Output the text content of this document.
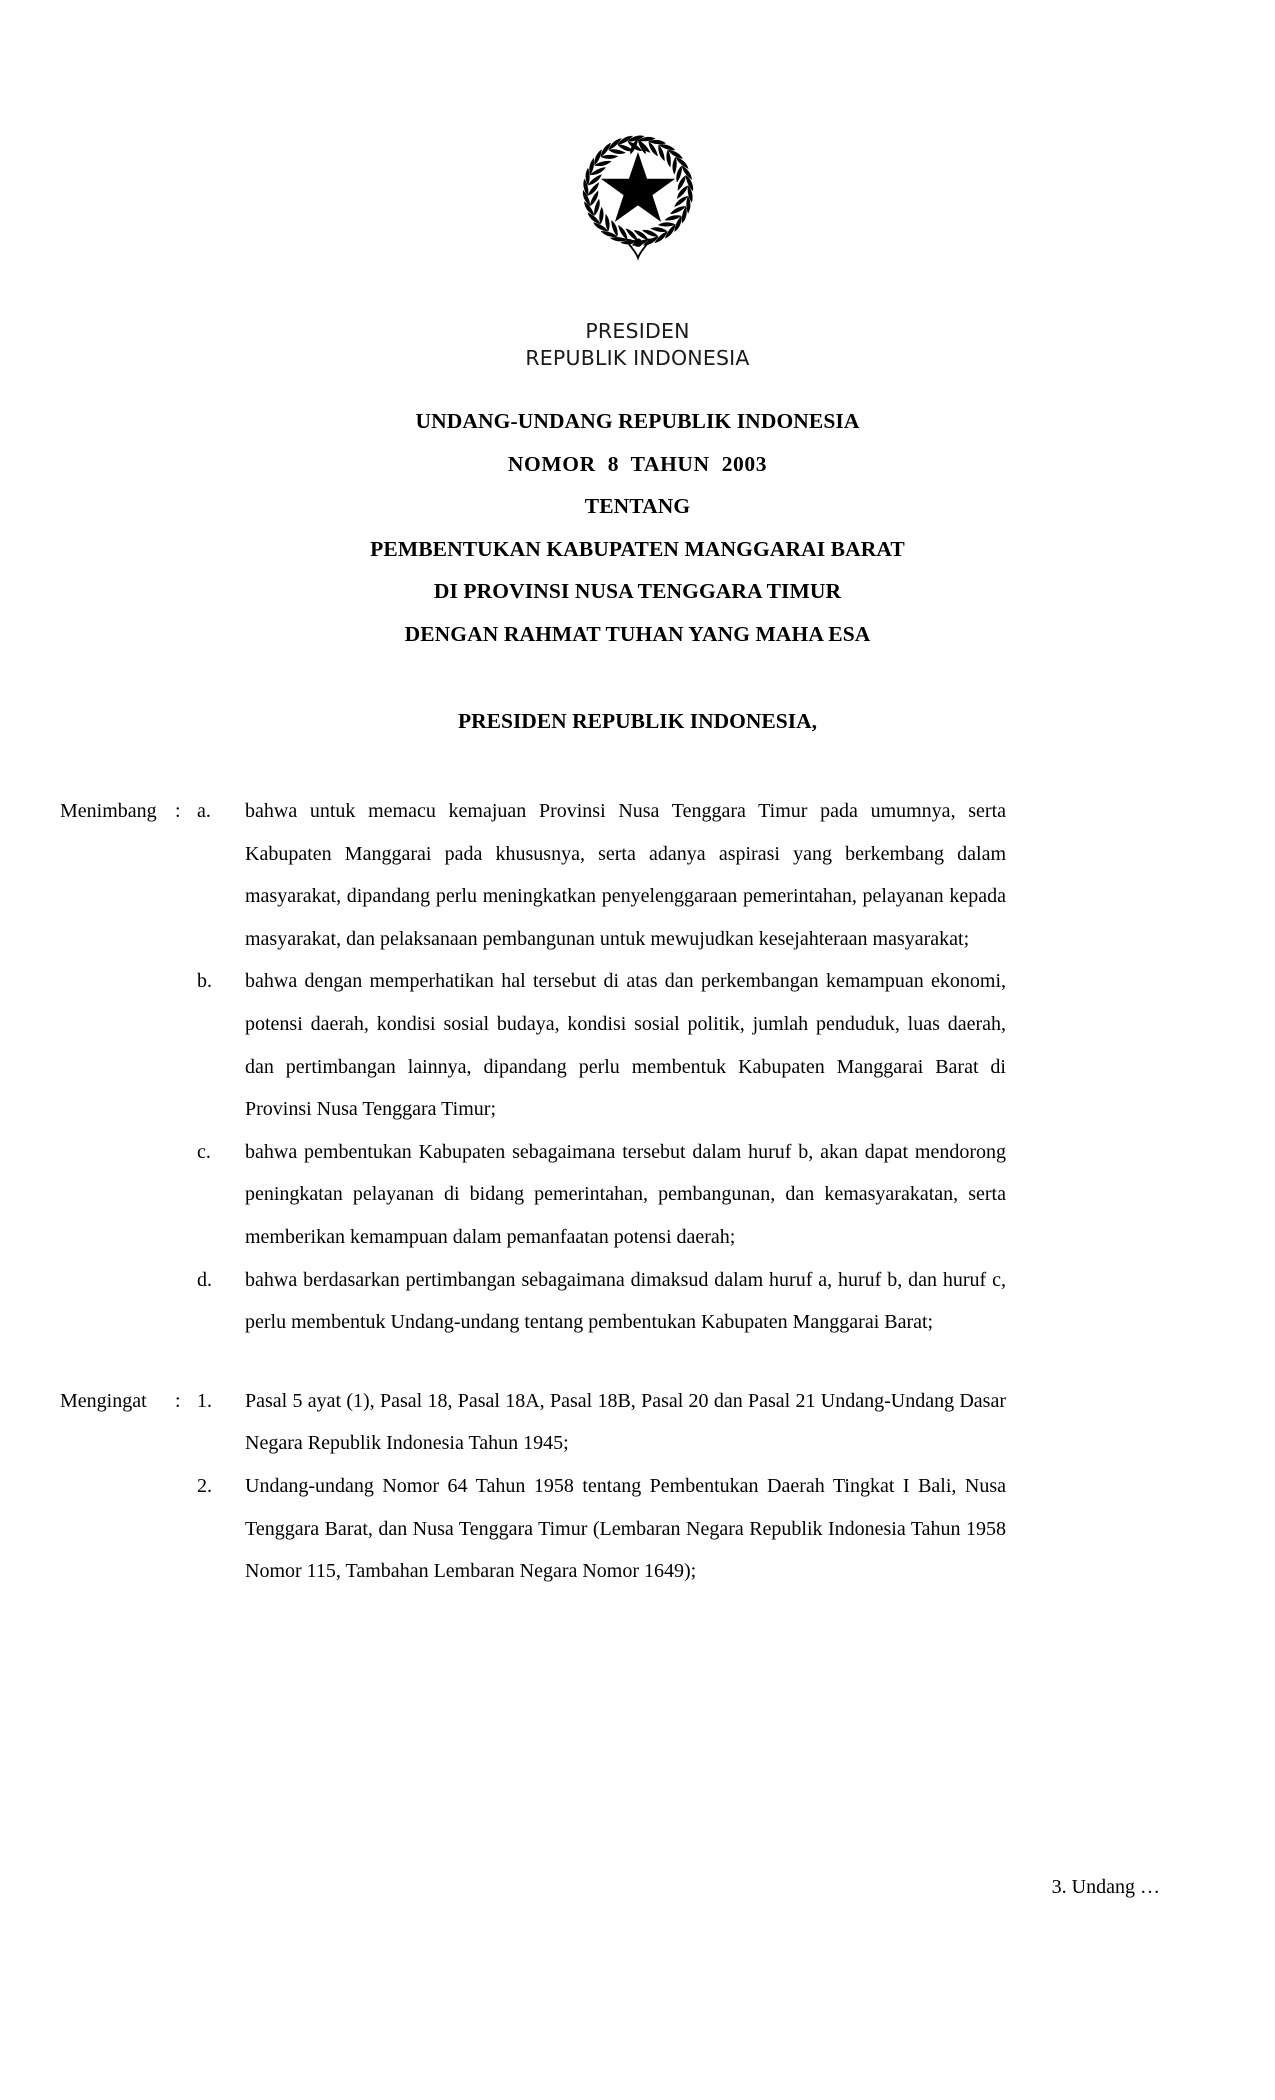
PRESIDEN
REPUBLIK INDONESIA
UNDANG-UNDANG REPUBLIK INDONESIA
NOMOR 8 TAHUN 2003
TENTANG
PEMBENTUKAN KABUPATEN MANGGARAI BARAT
DI PROVINSI NUSA TENGGARA TIMUR
DENGAN RAHMAT TUHAN YANG MAHA ESA
PRESIDEN REPUBLIK INDONESIA,
Menimbang : a.	bahwa untuk memacu kemajuan Provinsi Nusa Tenggara Timur pada umumnya, serta Kabupaten Manggarai pada khususnya, serta adanya aspirasi yang berkembang dalam masyarakat, dipandang perlu meningkatkan penyelenggaraan pemerintahan, pelayanan kepada masyarakat, dan pelaksanaan pembangunan untuk mewujudkan kesejahteraan masyarakat;
b.	bahwa dengan memperhatikan hal tersebut di atas dan perkembangan kemampuan ekonomi, potensi daerah, kondisi sosial budaya, kondisi sosial politik, jumlah penduduk, luas daerah, dan pertimbangan lainnya, dipandang perlu membentuk Kabupaten Manggarai Barat di Provinsi Nusa Tenggara Timur;
c.	bahwa pembentukan Kabupaten sebagaimana tersebut dalam huruf b, akan dapat mendorong peningkatan pelayanan di bidang pemerintahan, pembangunan, dan kemasyarakatan, serta memberikan kemampuan dalam pemanfaatan potensi daerah;
d.	bahwa berdasarkan pertimbangan sebagaimana dimaksud dalam huruf a, huruf b, dan huruf c, perlu membentuk Undang-undang tentang pembentukan Kabupaten Manggarai Barat;
Mengingat	: 1.	Pasal 5 ayat (1), Pasal 18, Pasal 18A, Pasal 18B, Pasal 20 dan Pasal 21 Undang-Undang Dasar Negara Republik Indonesia Tahun 1945;
2.	Undang-undang Nomor 64 Tahun 1958 tentang Pembentukan Daerah Tingkat I Bali, Nusa Tenggara Barat, dan Nusa Tenggara Timur (Lembaran Negara Republik Indonesia Tahun 1958 Nomor 115, Tambahan Lembaran Negara Nomor 1649);
3. Undang …
